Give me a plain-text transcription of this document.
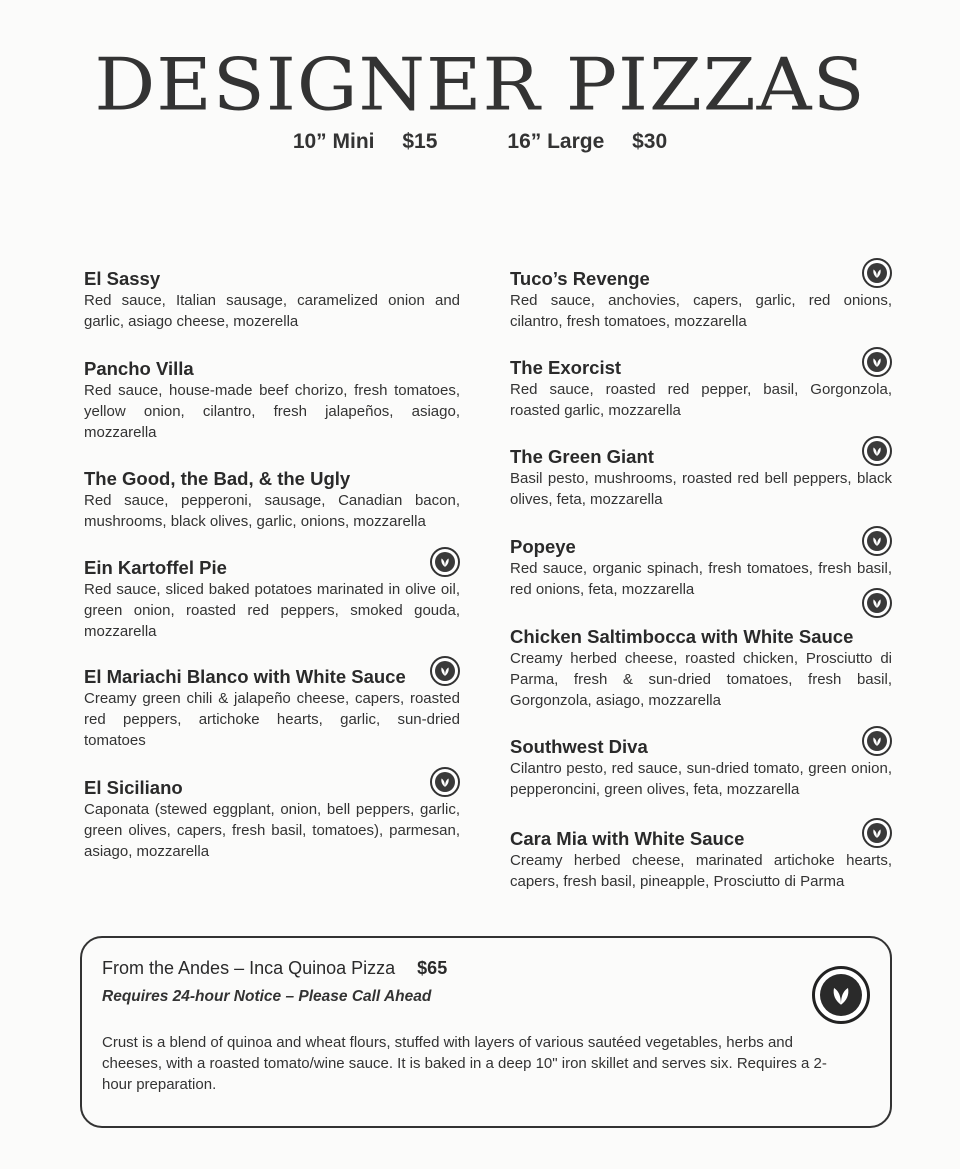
DESIGNER PIZZAS
10” Mini $15	16” Large $30
El Sassy
Red sauce, Italian sausage, caramelized onion and garlic, asiago cheese, mozerella
Pancho Villa
Red sauce, house-made beef chorizo, fresh tomatoes, yellow onion, cilantro, fresh jalapeños, asiago, mozzarella
The Good, the Bad, & the Ugly
Red sauce, pepperoni, sausage, Canadian bacon, mushrooms, black olives, garlic, onions, mozzarella
Ein Kartoffel Pie
Red sauce, sliced baked potatoes marinated in olive oil, green onion, roasted red peppers, smoked gouda, mozzarella
El Mariachi Blanco with White Sauce
Creamy green chili & jalapeño cheese, capers, roasted red peppers, artichoke hearts, garlic, sun-dried tomatoes
El Siciliano
Caponata (stewed eggplant, onion, bell peppers, garlic, green olives, capers, fresh basil, tomatoes), parmesan, asiago, mozzarella
Tuco’s Revenge
Red sauce, anchovies, capers, garlic, red onions, cilantro, fresh tomatoes, mozzarella
The Exorcist
Red sauce, roasted red pepper, basil, Gorgonzola, roasted garlic, mozzarella
The Green Giant
Basil pesto, mushrooms, roasted red bell peppers, black olives, feta, mozzarella
Popeye
Red sauce, organic spinach, fresh tomatoes, fresh basil, red onions, feta, mozzarella
Chicken Saltimbocca with White Sauce
Creamy herbed cheese, roasted chicken, Prosciutto di Parma, fresh & sun-dried tomatoes, fresh basil, Gorgonzola, asiago, mozzarella
Southwest Diva
Cilantro pesto, red sauce, sun-dried tomato, green onion, pepperoncini, green olives, feta, mozzarella
Cara Mia with White Sauce
Creamy herbed cheese, marinated artichoke hearts, capers, fresh basil, pineapple, Prosciutto di Parma
From the Andes – Inca Quinoa Pizza $65
Requires 24-hour Notice – Please Call Ahead
Crust is a blend of quinoa and wheat flours, stuffed with layers of various sautéed vegetables, herbs and cheeses, with a roasted tomato/wine sauce. It is baked in a deep 10" iron skillet and serves six. Requires a 2-hour preparation.
